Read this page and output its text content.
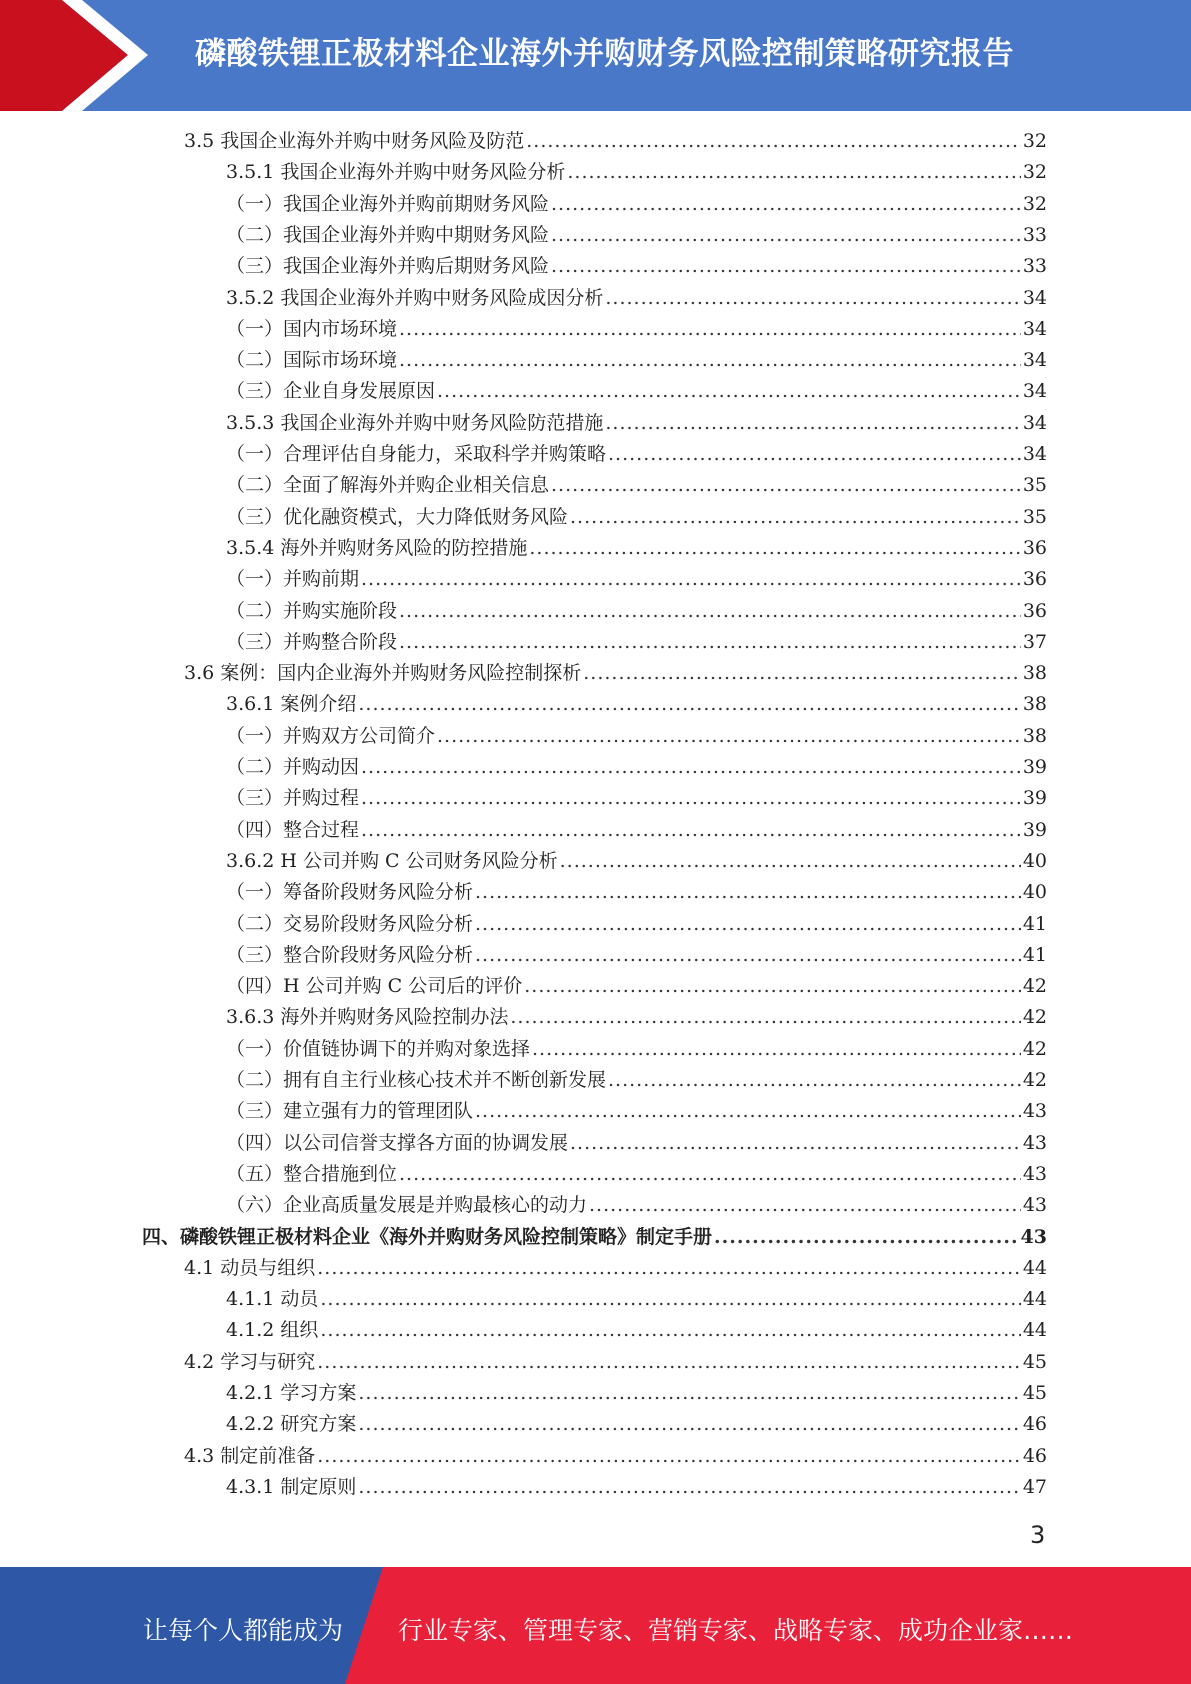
磷酸铁锂正极材料企业海外并购财务风险控制策略研究报告
3.5 我国企业海外并购中财务风险及防范 .....	32
3.5.1 我国企业海外并购中财务风险分析 .....	32
（一）我国企业海外并购前期财务风险 .....	32
（二）我国企业海外并购中期财务风险 .....	33
（三）我国企业海外并购后期财务风险 .....	33
3.5.2 我国企业海外并购中财务风险成因分析 .....	34
（一）国内市场环境 .....	34
（二）国际市场环境 .....	34
（三）企业自身发展原因 .....	34
3.5.3 我国企业海外并购中财务风险防范措施 .....	34
（一）合理评估自身能力，采取科学并购策略 .....	34
（二）全面了解海外并购企业相关信息 .....	35
（三）优化融资模式，大力降低财务风险 .....	35
3.5.4 海外并购财务风险的防控措施 .....	36
（一）并购前期 .....	36
（二）并购实施阶段 .....	36
（三）并购整合阶段 .....	37
3.6 案例：国内企业海外并购财务风险控制探析 .....	38
3.6.1 案例介绍 .....	38
（一）并购双方公司简介 .....	38
（二）并购动因 .....	39
（三）并购过程 .....	39
（四）整合过程 .....	39
3.6.2 H 公司并购 C 公司财务风险分析 .....	40
（一）筹备阶段财务风险分析 .....	40
（二）交易阶段财务风险分析 .....	41
（三）整合阶段财务风险分析 .....	41
（四）H 公司并购 C 公司后的评价 .....	42
3.6.3 海外并购财务风险控制办法 .....	42
（一）价值链协调下的并购对象选择 .....	42
（二）拥有自主行业核心技术并不断创新发展 .....	42
（三）建立强有力的管理团队 .....	43
（四）以公司信誉支撑各方面的协调发展 .....	43
（五）整合措施到位 .....	43
（六）企业高质量发展是并购最核心的动力 .....	43
四、磷酸铁锂正极材料企业《海外并购财务风险控制策略》制定手册 .....	43
4.1 动员与组织 .....	44
4.1.1 动员 .....	44
4.1.2 组织 .....	44
4.2 学习与研究 .....	45
4.2.1 学习方案 .....	45
4.2.2 研究方案 .....	46
4.3 制定前准备 .....	46
4.3.1 制定原则 .....	47
3
让每个人都能成为 行业专家、管理专家、营销专家、战略专家、成功企业家……
